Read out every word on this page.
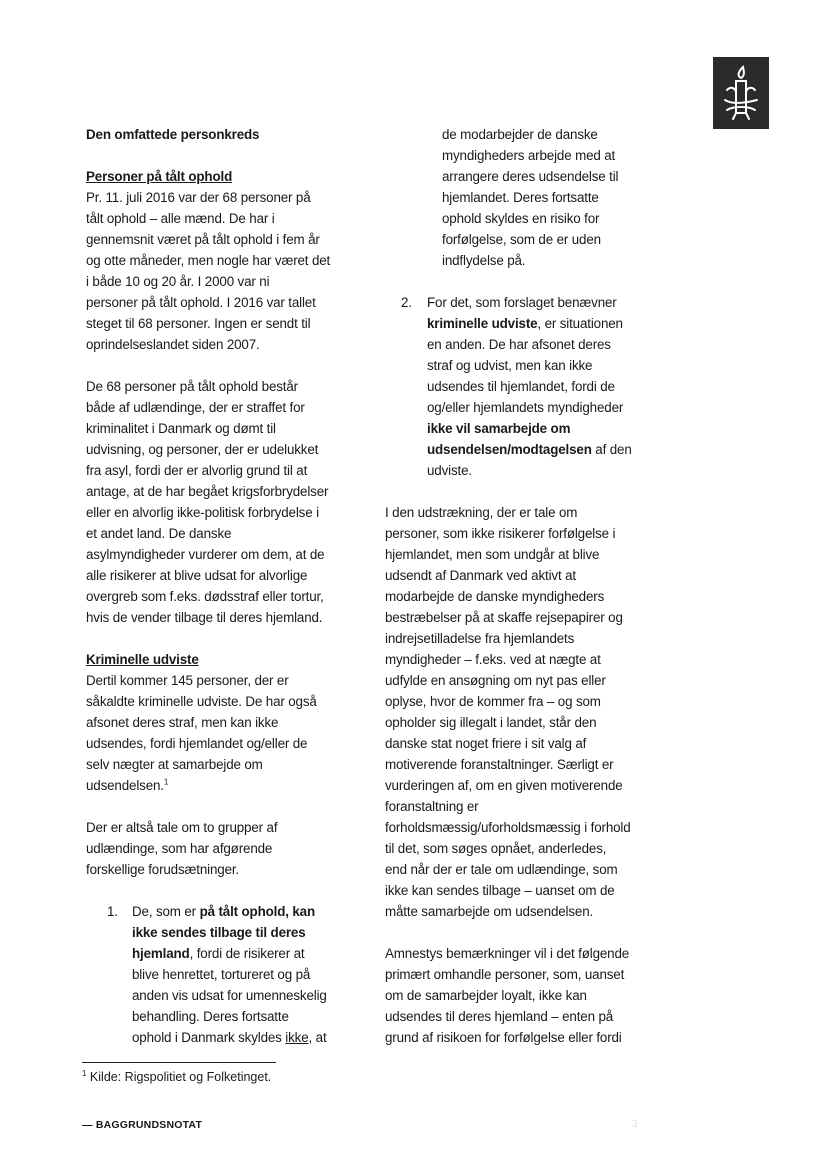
Den omfattede personkreds

Personer på tålt ophold

Pr. 11. juli 2016 var der 68 personer på

tålt ophold – alle mænd. De har i

gennemsnit været på tålt ophold i fem år

og otte måneder, men nogle har været det

i både 10 og 20 år. I 2000 var ni

personer på tålt ophold. I 2016 var tallet

steget til 68 personer. Ingen er sendt til

oprindelseslandet siden 2007.

De 68 personer på tålt ophold består

både af udlændinge, der er straffet for

kriminalitet i Danmark og dømt til

udvisning, og personer, der er udelukket

fra asyl, fordi der er alvorlig grund til at

antage, at de har begået krigsforbrydelser

eller en alvorlig ikke-politisk forbrydelse i

et andet land. De danske

asylmyndigheder vurderer om dem, at de

alle risikerer at blive udsat for alvorlige

overgreb som f.eks. dødsstraf eller tortur,

hvis de vender tilbage til deres hjemland.

Kriminelle udviste

Dertil kommer 145 personer, der er

såkaldte kriminelle udviste. De har også

afsonet deres straf, men kan ikke

udsendes, fordi hjemlandet og/eller de

selv nægter at samarbejde om

udsendelsen.$^1$

Der er altså tale om to grupper af

udlændinge, som har afgørende

forskellige forudsætninger.

1. De, som er på tålt ophold, kan

ikke sendes tilbage til deres

hjemland, fordi de risikerer at

blive henrettet, tortureret og på

anden vis udsat for umenneskelig

behandling. Deres fortsatte

ophold i Danmark skyldes ikke, at

de modarbejder de danske

myndigheders arbejde med at

arrangere deres udsendelse til

hjemlandet. Deres fortsatte

ophold skyldes en risiko for

forfølgelse, som de er uden

indflydelse på.

2. For det, som forslaget benævner

kriminelle udviste, er situationen

en anden. De har afsonet deres

straf og udvist, men kan ikke

udsendes til hjemlandet, fordi de

og/eller hjemlandets myndigheder

ikke vil samarbejde om

udsendelsen/modtagelsen af den

udviste.

I den udstrækning, der er tale om

personer, som ikke risikerer forfølgelse i

hjemlandet, men som undgår at blive

udsendt af Danmark ved aktivt at

modarbejde de danske myndigheders

bestræbelser på at skaffe rejsepapirer og

indrejsetilladelse fra hjemlandets

myndigheder – f.eks. ved at nægte at

udfylde en ansøgning om nyt pas eller

oplyse, hvor de kommer fra – og som

opholder sig illegalt i landet, står den

danske stat noget friere i sit valg af

motiverende foranstaltninger. Særligt er

vurderingen af, om en given motiverende

foranstaltning er

forholdsmæssig/uforholdsmæssig i forhold

til det, som søges opnået, anderledes,

end når der er tale om udlændinge, som

ikke kan sendes tilbage – uanset om de

måtte samarbejde om udsendelsen.

Amnestys bemærkninger vil i det følgende

primært omhandle personer, som, uanset

om de samarbejder loyalt, ikke kan

udsendes til deres hjemland – enten på

grund af risikoen for forfølgelse eller fordi

$^1$ Kilde: Rigspolitiet og Folketinget.
— BAGGRUNDSNOTAT	3
